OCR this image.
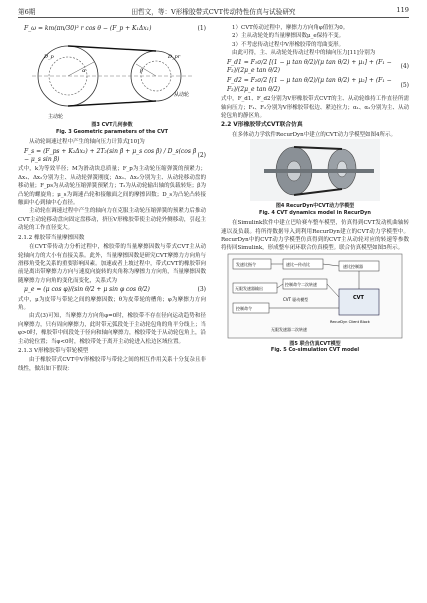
第6期	田哲文，等：V形橡胶带式CVT传动特性仿真与试验研究	119
F_ω = km(πn/30)² r cos θ − (F_p + K₁Δx₁)	(1)
D_p	D_pr
α	β
主动轮
从动轮
图3 CVT几何参数
Fig. 3 Geometric parameters of the CVT

从动轮调速过程中产生的轴向压力计算式[10]为

F_s = (F_ps + K₂Δx₂) + 2T₂(sin β + μ_s cos β) / D_s(cos β − μ_s sin β)
(2)

式中，k为等效半径；M为滑动块总质量；F_p为主动轮压缩弹簧的预紧力；Δx₁、Δx₂分别为主、从动轮弹簧刚度；Δx₁、Δx₂分别为主、从动轮移动盘的移动量；F_ps为从动轮压缩弹簧预紧力；T₂为从动轮输出轴的负载转矩；β为凸轮的螺旋角；μ_s为调速凸轮和接触面之间的摩擦因数；D_s为凸轮凸转接触面中心到轴中心直径。

主动轮在调速过程中产生的轴向力在克服主动轮压缩弹簧的预紧力后推动CVT主动轮移动盘向固定盘移动，挤压V形橡胶带使主动轮外侧移动，引起主动轮的工作直径变大。

2.1.2 橡胶带当量摩擦因数

在CVT带传动力分析过程中，橡胶带的当量摩擦因数与带式CVT主从动轮轴向力的大小有直接关系。此外，当量摩擦因数是研究CVT摩擦力方向角与滑移角受化关系的重要影响因素。加速或者上坡过程中，带式CVT的橡胶带向前是离出带摩擦力方向与速度向旋转的夹角称为摩擦力方向角，当量摩擦因数随摩擦力方向角的变化而变化，关系式为

μ_e = (μ cos φ)/(sin θ/2 + μ sin φ cos θ/2)	(3)

式中，μ为皮带与带轮之间的摩擦因数；θ为皮带轮的槽角；φ为摩擦力方向角。

由式(3)可知，当摩擦力方向角φ=0时，橡胶带不存在径向运动趋势和径向摩擦力，只有周向摩擦力，此时带元弧段处于主动轮包角的角平分线上；当φ>0时，橡胶带中间段处于径向和轴向摩擦力，橡胶带处于从动轮包角上，沿主动轮位置；当φ<0时，橡胶带处于离开主动轮进入松边区域位置。

2.1.3 V形橡胶带与带轮模型

由于橡胶带式CVT中V形橡胶带与带轮之间的相互作用关系十分复杂且非线性，做出如下假设：

1）CVT传动过程中，摩擦力方向角φ值恒为0。

2）主从动轮处的当量摩擦因数μ_e保持不变。

3）不考虑传动过程中V形橡胶带的弯曲变形。

由此可得，主、从动轮处传动过程中的轴向压力[11]分别为

F_d1 = F₁σ/2 [(1 − μ tan θ/2)/(μ tan θ/2) + μ₁] + (F₁ − F₂)/(2μ_e tan θ/2)
(4)
F_d2 = F₂σ/2 [(1 − μ tan θ/2)/(μ tan θ/2) + μ₂] + (F₁ − F₂)/(2μ_e tan θ/2)
(5)

式中，F_d1、F_d2分别为V形橡胶带式CVT的主、从动轮维持工作直径所需轴向压力；F₁、F₂分别为V形橡胶带松边、紧边拉力；α₁、α₂分别为主、从动轮包角的静区角。

2.2 V形橡胶带式CVT联合仿真

在多体动力学软件RecurDyn中建立的CVT动力学模型如图4所示。

图4 RecurDyn中CVT动力学模型
Fig. 4 CVT dynamics model in RecurDyn

在Simulink软件中建立巴哈赛车整车模型，仿真得到CVT发动机曲轴转速以及负载。将所得数据导入到利用RecurDyn建立的CVT动力学模型中。RecurDyn中的CVT动力学模型仿真得到的CVT主从动轮对应的转速等参数将传回Simulink，形成整车闭环联合仿真模型。联合仿真模型如图5所示。

发速比指令	速比—传动比
无限发速器输出
控制命令
控制命令二次转速
CVT
RecurDyn Client Block
速比控制器
CVT 驱动模型
无限发速器二次转速
图5 联合仿真CVT模型
Fig. 5 Co-simulation CVT model
